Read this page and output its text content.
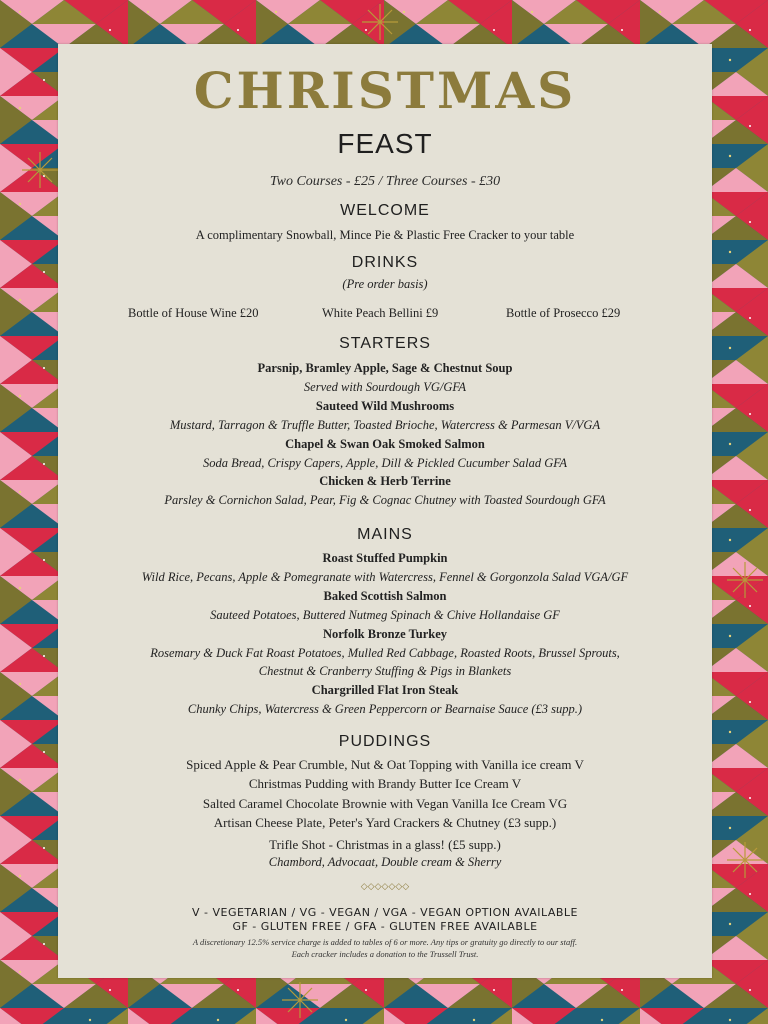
CHRISTMAS
FEAST
Two Courses - £25 / Three Courses - £30
WELCOME
A complimentary Snowball, Mince Pie & Plastic Free Cracker to your table
DRINKS
(Pre order basis)
Bottle of House Wine £20	White Peach Bellini £9	Bottle of Prosecco £29
STARTERS
Parsnip, Bramley Apple, Sage & Chestnut Soup
Served with Sourdough VG/GFA
Sauteed Wild Mushrooms
Mustard, Tarragon & Truffle Butter, Toasted Brioche, Watercress & Parmesan V/VGA
Chapel & Swan Oak Smoked Salmon
Soda Bread, Crispy Capers, Apple, Dill & Pickled Cucumber Salad GFA
Chicken & Herb Terrine
Parsley & Cornichon Salad, Pear, Fig & Cognac Chutney with Toasted Sourdough GFA
MAINS
Roast Stuffed Pumpkin
Wild Rice, Pecans, Apple & Pomegranate with Watercress, Fennel & Gorgonzola Salad VGA/GF
Baked Scottish Salmon
Sauteed Potatoes, Buttered Nutmeg Spinach & Chive Hollandaise GF
Norfolk Bronze Turkey
Rosemary & Duck Fat Roast Potatoes, Mulled Red Cabbage, Roasted Roots, Brussel Sprouts,
Chestnut & Cranberry Stuffing & Pigs in Blankets
Chargrilled Flat Iron Steak
Chunky Chips, Watercress & Green Peppercorn or Bearnaise Sauce (£3 supp.)
PUDDINGS
Spiced Apple & Pear Crumble, Nut & Oat Topping with Vanilla ice cream V
Christmas Pudding with Brandy Butter Ice Cream V
Salted Caramel Chocolate Brownie with Vegan Vanilla Ice Cream VG
Artisan Cheese Plate, Peter's Yard Crackers & Chutney (£3 supp.)
Trifle Shot - Christmas in a glass! (£5 supp.)
Chambord, Advocaat, Double cream & Sherry
◇◇◇◇◇◇◇
V - VEGETARIAN / VG - VEGAN / VGA - VEGAN OPTION AVAILABLE
GF - GLUTEN FREE / GFA - GLUTEN FREE AVAILABLE
A discretionary 12.5% service charge is added to tables of 6 or more. Any tips or gratuity go directly to our staff.
Each cracker includes a donation to the Trussell Trust.
